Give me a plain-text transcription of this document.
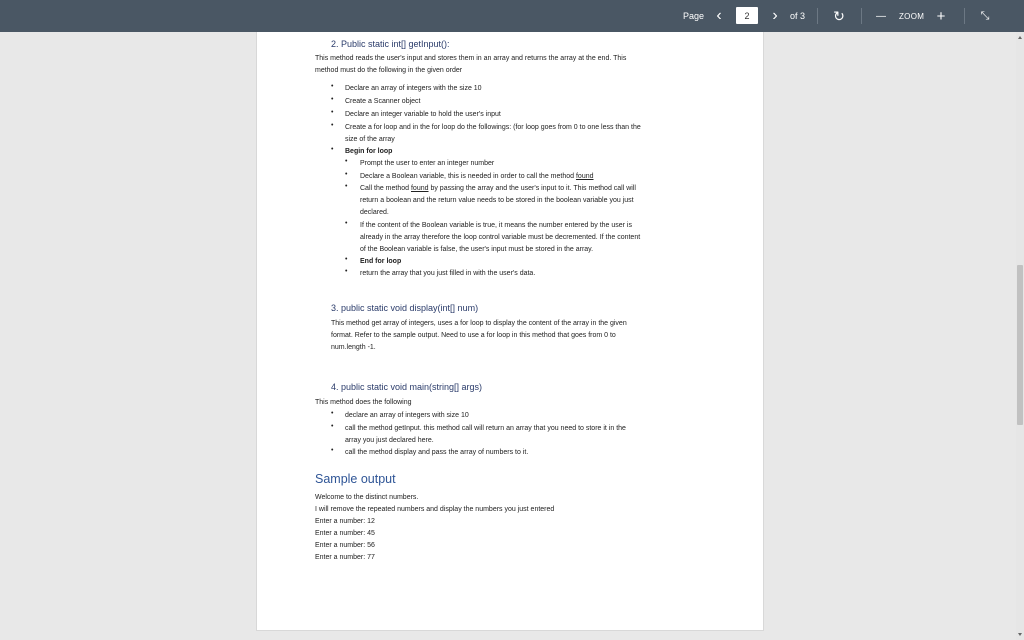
Page ‹	2	›	of 3 ↻	— ZOOM +	⤡
2. Public static int[] getInput():
This method reads the user's input and stores them in an array and returns the array at the end. This
method must do the following in the given order
• Declare an array of integers with the size 10
• Create a Scanner object
• Declare an integer variable to hold the user's input
• Create a for loop and in the for loop do the followings: (for loop goes from 0 to one less than the
size of the array
• Begin for loop
• Prompt the user to enter an integer number
• Declare a Boolean variable, this is needed in order to call the method found
• Call the method found by passing the array and the user's input to it. This method call will
return a boolean and the return value needs to be stored in the boolean variable you just
declared.
• If the content of the Boolean variable is true, it means the number entered by the user is
already in the array therefore the loop control variable must be decremented. If the content
of the Boolean variable is false, the user's input must be stored in the array.
• End for loop
• return the array that you just filled in with the user's data.
3. public static void display(int[] num)
This method get array of integers, uses a for loop to display the content of the array in the given
format. Refer to the sample output. Need to use a for loop in this method that goes from 0 to
num.length -1.
4. public static void main(string[] args)
This method does the following
• declare an array of integers with size 10
• call the method getInput. this method call will return an array that you need to store it in the
array you just declared here.
• call the method display and pass the array of numbers to it.
Sample output
Welcome to the distinct numbers.
I will remove the repeated numbers and display the numbers you just entered
Enter a number: 12
Enter a number: 45
Enter a number: 56
Enter a number: 77
